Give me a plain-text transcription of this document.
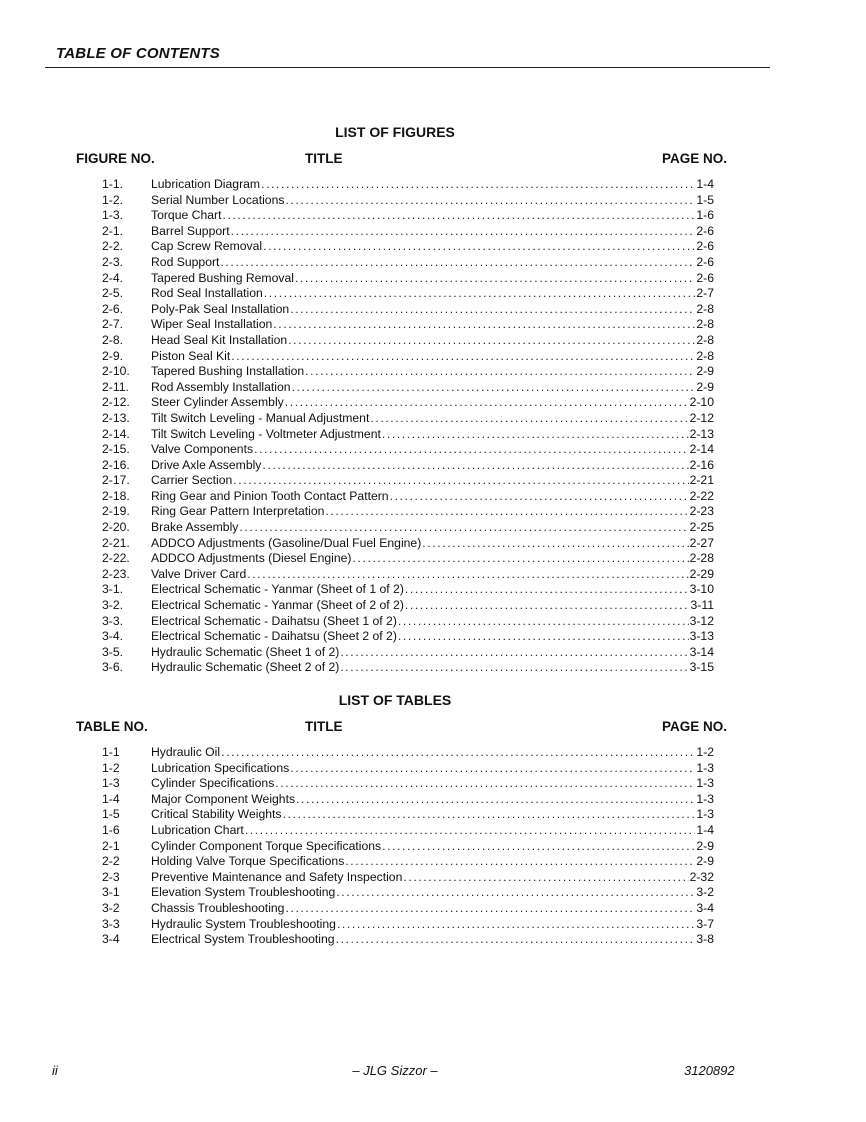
TABLE OF CONTENTS
LIST OF FIGURES
FIGURE NO.	TITLE	PAGE NO.
1-1.	Lubrication Diagram .....	1-4
1-2.	Serial Number Locations .....	1-5
1-3.	Torque Chart .....	1-6
2-1.	Barrel Support .....	2-6
2-2.	Cap Screw Removal .....	2-6
2-3.	Rod Support .....	2-6
2-4.	Tapered Bushing Removal .....	2-6
2-5.	Rod Seal Installation .....	2-7
2-6.	Poly-Pak Seal Installation .....	2-8
2-7.	Wiper Seal Installation .....	2-8
2-8.	Head Seal Kit Installation .....	2-8
2-9.	Piston Seal Kit .....	2-8
2-10.	Tapered Bushing Installation .....	2-9
2-11.	Rod Assembly Installation .....	2-9
2-12.	Steer Cylinder Assembly .....	2-10
2-13.	Tilt Switch Leveling - Manual Adjustment .....	2-12
2-14.	Tilt Switch Leveling - Voltmeter Adjustment .....	2-13
2-15.	Valve Components .....	2-14
2-16.	Drive Axle Assembly .....	2-16
2-17.	Carrier Section .....	2-21
2-18.	Ring Gear and Pinion Tooth Contact Pattern .....	2-22
2-19.	Ring Gear Pattern Interpretation .....	2-23
2-20.	Brake Assembly .....	2-25
2-21.	ADDCO Adjustments (Gasoline/Dual Fuel Engine) .....	2-27
2-22.	ADDCO Adjustments (Diesel Engine) .....	2-28
2-23.	Valve Driver Card .....	2-29
3-1.	Electrical Schematic - Yanmar (Sheet of 1 of 2) .....	3-10
3-2.	Electrical Schematic - Yanmar (Sheet of 2 of 2) .....	3-11
3-3.	Electrical Schematic - Daihatsu (Sheet 1 of 2) .....	3-12
3-4.	Electrical Schematic - Daihatsu (Sheet 2 of 2) .....	3-13
3-5.	Hydraulic Schematic (Sheet 1 of 2) .....	3-14
3-6.	Hydraulic Schematic (Sheet 2 of 2) .....	3-15
LIST OF TABLES
TABLE NO.	TITLE	PAGE NO.
1-1	Hydraulic Oil .....	1-2
1-2	Lubrication Specifications .....	1-3
1-3	Cylinder Specifications .....	1-3
1-4	Major Component Weights .....	1-3
1-5	Critical Stability Weights .....	1-3
1-6	Lubrication Chart .....	1-4
2-1	Cylinder Component Torque Specifications .....	2-9
2-2	Holding Valve Torque Specifications .....	2-9
2-3	Preventive Maintenance and Safety Inspection .....	2-32
3-1	Elevation System Troubleshooting .....	3-2
3-2	Chassis Troubleshooting .....	3-4
3-3	Hydraulic System Troubleshooting .....	3-7
3-4	Electrical System Troubleshooting .....	3-8
ii	– JLG Sizzor –	3120892
